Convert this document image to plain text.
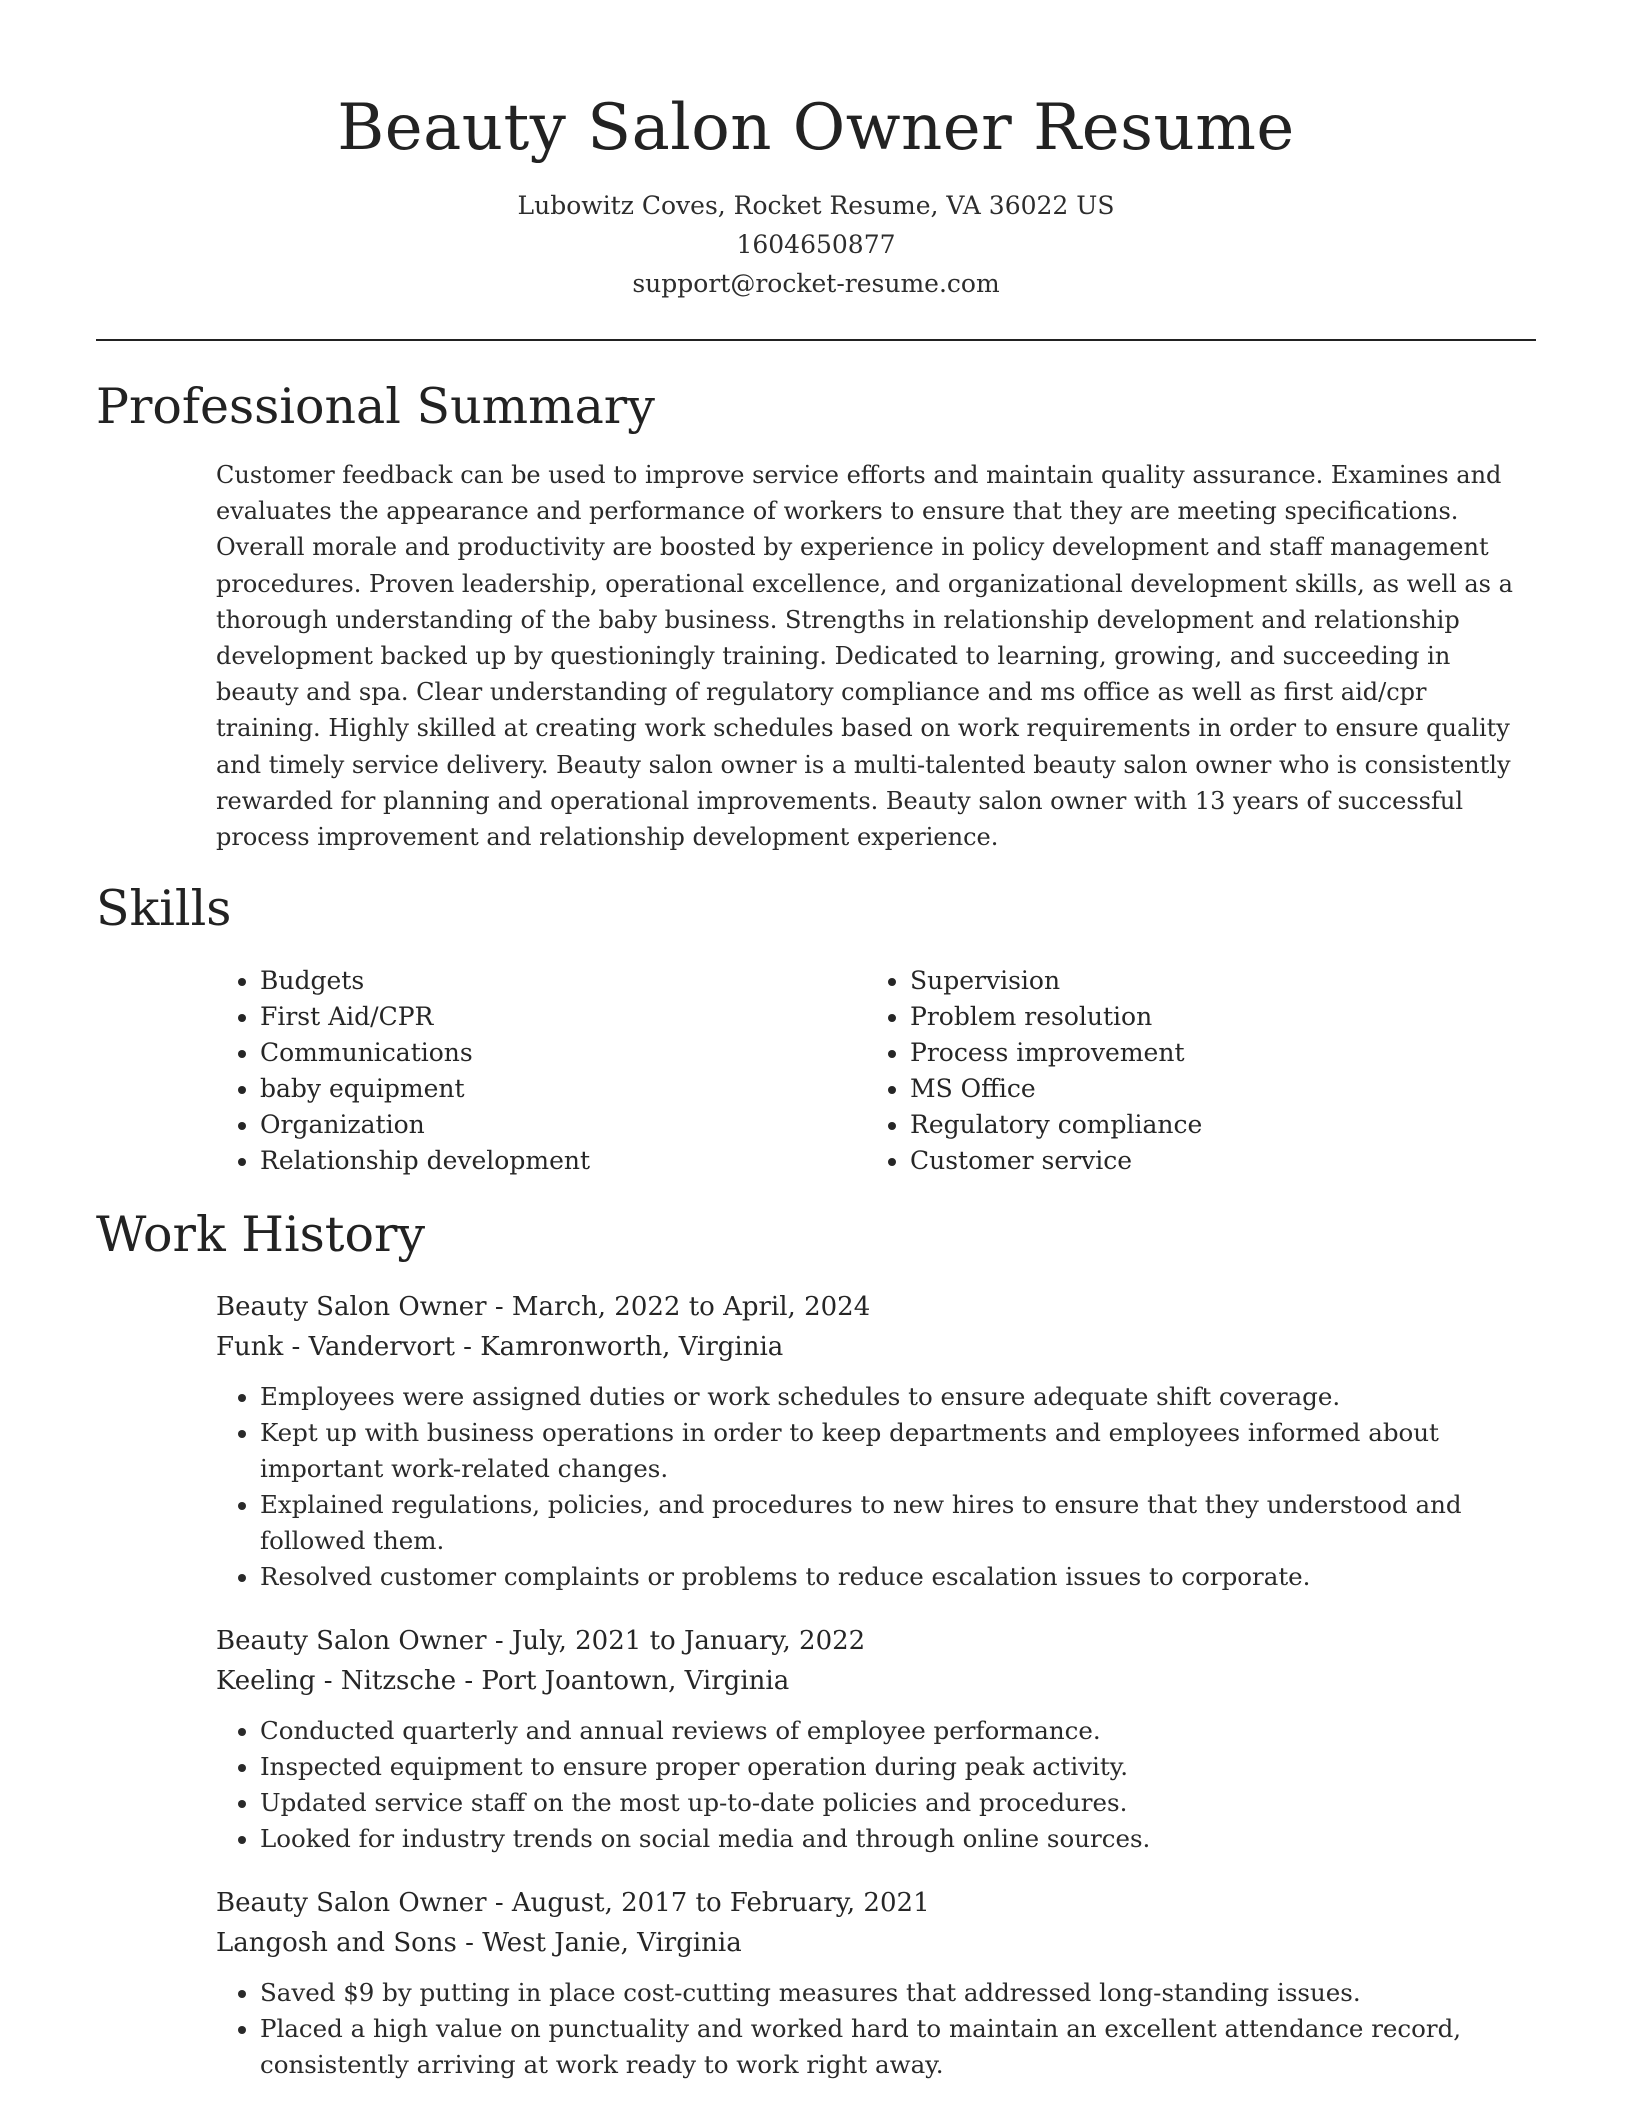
Beauty Salon Owner Resume
Lubowitz Coves, Rocket Resume, VA 36022 US
1604650877
support@rocket-resume.com
Professional Summary

Customer feedback can be used to improve service efforts and maintain quality assurance. Examines and evaluates the appearance and performance of workers to ensure that they are meeting specifications. Overall morale and productivity are boosted by experience in policy development and staff management procedures. Proven leadership, operational excellence, and organizational development skills, as well as a thorough understanding of the baby business. Strengths in relationship development and relationship development backed up by questioningly training. Dedicated to learning, growing, and succeeding in beauty and spa. Clear understanding of regulatory compliance and ms office as well as first aid/cpr training. Highly skilled at creating work schedules based on work requirements in order to ensure quality and timely service delivery. Beauty salon owner is a multi-talented beauty salon owner who is consistently rewarded for planning and operational improvements. Beauty salon owner with 13 years of successful process improvement and relationship development experience.

Skills
• Budgets
• First Aid/CPR
• Communications
• baby equipment
• Organization
• Relationship development
• Supervision
• Problem resolution
• Process improvement
• MS Office
• Regulatory compliance
• Customer service
Work History
Beauty Salon Owner - March, 2022 to April, 2024
Funk - Vandervort - Kamronworth, Virginia
• Employees were assigned duties or work schedules to ensure adequate shift coverage.
• Kept up with business operations in order to keep departments and employees informed about important work-related changes.
• Explained regulations, policies, and procedures to new hires to ensure that they understood and followed them.
• Resolved customer complaints or problems to reduce escalation issues to corporate.
Beauty Salon Owner - July, 2021 to January, 2022
Keeling - Nitzsche - Port Joantown, Virginia
• Conducted quarterly and annual reviews of employee performance.
• Inspected equipment to ensure proper operation during peak activity.
• Updated service staff on the most up-to-date policies and procedures.
• Looked for industry trends on social media and through online sources.
Beauty Salon Owner - August, 2017 to February, 2021
Langosh and Sons - West Janie, Virginia
• Saved $9 by putting in place cost-cutting measures that addressed long-standing issues.
• Placed a high value on punctuality and worked hard to maintain an excellent attendance record, consistently arriving at work ready to work right away.
